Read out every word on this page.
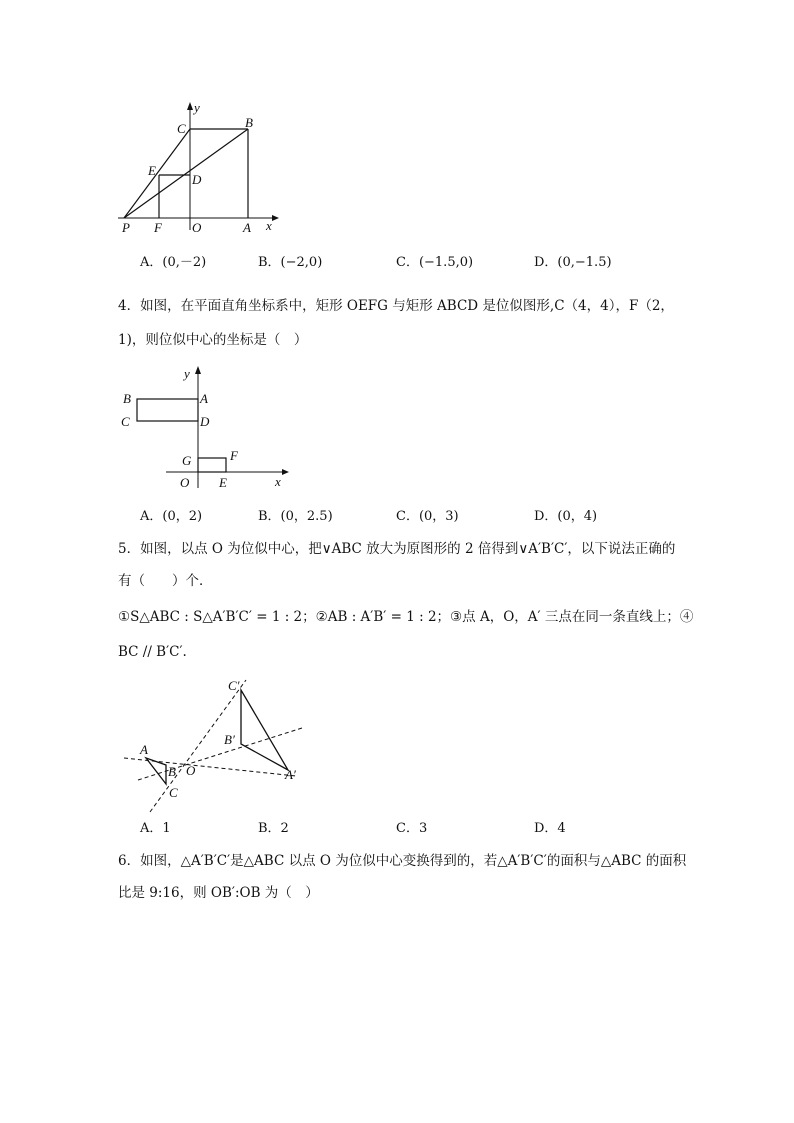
y
x
C	B
E
D
P F O	A
A．(0,－2)	B．(−2,0)	C．(−1.5,0)	D．(0,−1.5)
4．如图，在平面直角坐标系中，矩形 OEFG 与矩形 ABCD 是位似图形,C（4，4），F（2，
1)，则位似中心的坐标是（　）
y
x
B	A
C	D
G	F
O E
A．(0，2)	B．(0，2.5)	C．(0，3)	D．(0，4)
5．如图，以点 O 为位似中心，把∨ABC 放大为原图形的 2 倍得到∨A′B′C′，以下说法正确的
有（　　）个．
①S△ABC : S△A′B′C′ = 1 : 2；②AB : A′B′ = 1 : 2；③点 A，O，A′ 三点在同一条直线上；④
BC // B′C′.
C′
B′
A′
A
B O
C
A．1	B．2	C．3	D．4
6．如图，△A′B′C′是△ABC 以点 O 为位似中心变换得到的，若△A′B′C′的面积与△ABC 的面积
比是 9:16，则 OB′:OB 为（　）
